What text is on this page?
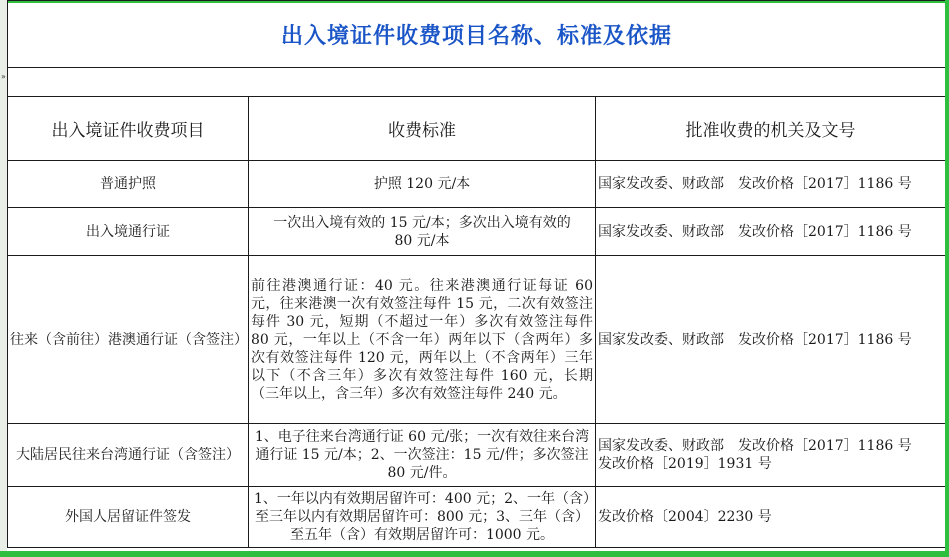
»
出入境证件收费项目名称、标准及依据		

出入境证件收费项目	收费标准	批准收费的机关及文号
普通护照	护照 120 元/本	国家发改委、财政部　发改价格［2017］1186 号

出入境通行证	一次出入境有效的 15 元/本；多次出入境有效的 80 元/本	国家发改委、财政部　发改价格［2017］1186 号

往来（含前往）港澳通行证（含签注）	前往港澳通行证：40 元。往来港澳通行证每证 60 元，往来港澳一次有效签注每件 15 元，二次有效签注每件 30 元，短期（不超过一年）多次有效签注每件 80 元，一年以上（不含一年）两年以下（含两年）多次有效签注每件 120 元，两年以上（不含两年）三年以下（不含三年）多次有效签注每件 160 元，长期（三年以上，含三年）多次有效签注每件 240 元。	国家发改委、财政部　发改价格［2017］1186 号

大陆居民往来台湾通行证（含签注）	1、电子往来台湾通行证 60 元/张；一次有效往来台湾通行证 15 元/本；2、一次签注：15 元/件；多次签注 80 元/件。	国家发改委、财政部　发改价格［2017］1186 号
发改价格［2019］1931 号

外国人居留证件签发	1、一年以内有效期居留许可：400 元；2、一年（含）至三年以内有效期居留许可：800 元；3、三年（含）至五年（含）有效期居留许可：1000 元。	发改价格〔2004〕2230 号
